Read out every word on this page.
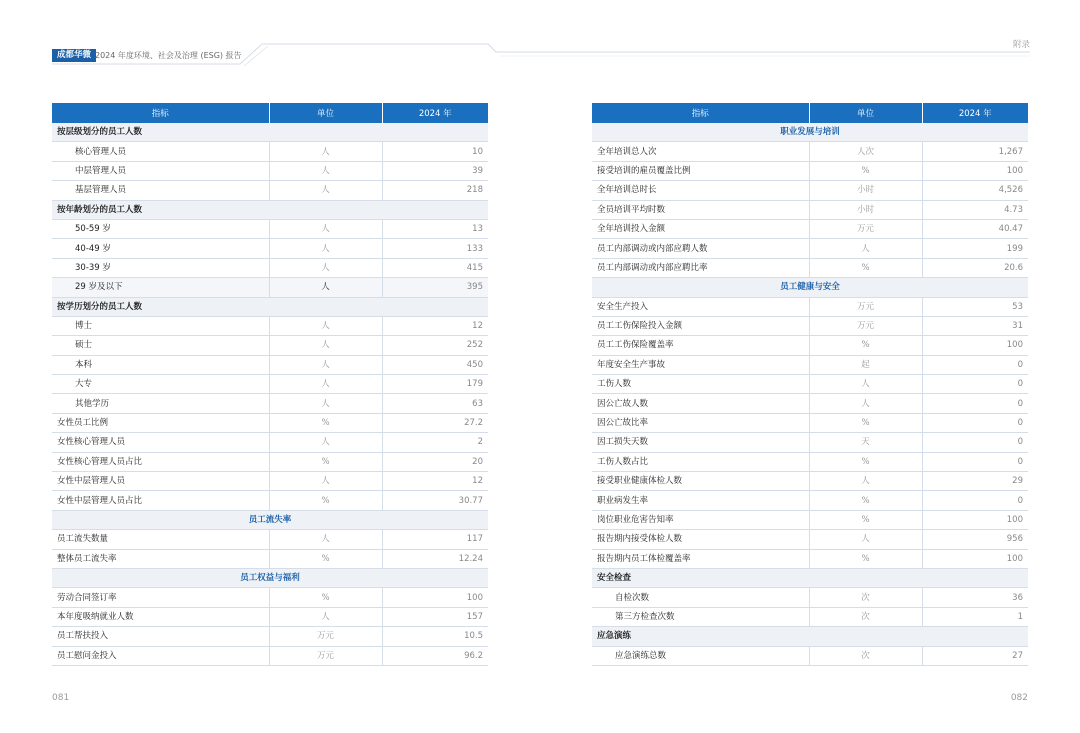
成都华微 2024 年度环境、社会及治理 (ESG) 报告
附录
指标	单位	2024 年
按层级划分的员工人数		
核心管理人员	人	10
中层管理人员	人	39
基层管理人员	人	218
按年龄划分的员工人数		
50-59 岁	人	13
40-49 岁	人	133
30-39 岁	人	415
29 岁及以下	人	395
按学历划分的员工人数		
博士	人	12
硕士	人	252
本科	人	450
大专	人	179
其他学历	人	63
女性员工比例	%	27.2
女性核心管理人员	人	2
女性核心管理人员占比	%	20
女性中层管理人员	人	12
女性中层管理人员占比	%	30.77
员工流失率		
员工流失数量	人	117
整体员工流失率	%	12.24
员工权益与福利		
劳动合同签订率	%	100
本年度吸纳就业人数	人	157
员工帮扶投入	万元	10.5
员工慰问金投入	万元	96.2
指标	单位	2024 年
职业发展与培训		
全年培训总人次	人次	1,267
接受培训的雇员覆盖比例	%	100
全年培训总时长	小时	4,526
全员培训平均时数	小时	4.73
全年培训投入金额	万元	40.47
员工内部调动或内部应聘人数	人	199
员工内部调动或内部应聘比率	%	20.6
员工健康与安全		
安全生产投入	万元	53
员工工伤保险投入金额	万元	31
员工工伤保险覆盖率	%	100
年度安全生产事故	起	0
工伤人数	人	0
因公亡故人数	人	0
因公亡故比率	%	0
因工损失天数	天	0
工伤人数占比	%	0
接受职业健康体检人数	人	29
职业病发生率	%	0
岗位职业危害告知率	%	100
报告期内接受体检人数	人	956
报告期内员工体检覆盖率	%	100
安全检查		
自检次数	次	36
第三方检查次数	次	1
应急演练		
应急演练总数	次	27
081	082
